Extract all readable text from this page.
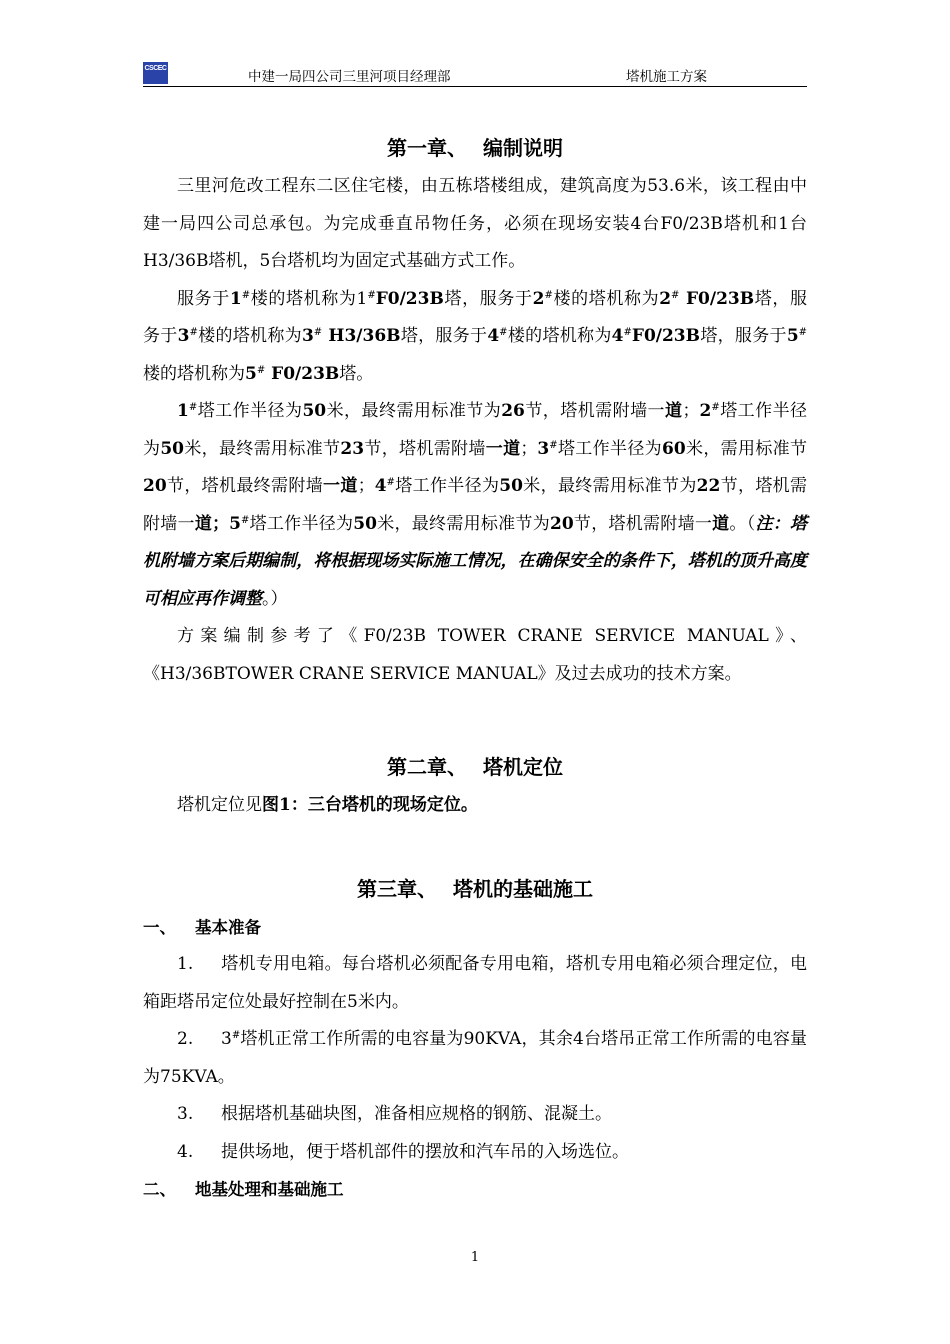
CSCEC
中建一局四公司三里河项目经理部	塔机施工方案
第一章、 编制说明

三里河危改工程东二区住宅楼，由五栋塔楼组成，建筑高度为53.6米，该工程由中建一局四公司总承包。为完成垂直吊物任务，必须在现场安装4台F0/23B塔机和1台H3/36B塔机，5台塔机均为固定式基础方式工作。

服务于1#楼的塔机称为1#F0/23B塔，服务于2#楼的塔机称为2# F0/23B塔，服务于3#楼的塔机称为3# H3/36B塔，服务于4#楼的塔机称为4#F0/23B塔，服务于5#楼的塔机称为5# F0/23B塔。

1#塔工作半径为50米，最终需用标准节为26节，塔机需附墙一道；2#塔工作半径为50米，最终需用标准节23节，塔机需附墙一道；3#塔工作半径为60米，需用标准节20节，塔机最终需附墙一道；4#塔工作半径为50米，最终需用标准节为22节，塔机需附墙一道；5#塔工作半径为50米，最终需用标准节为20节，塔机需附墙一道。（注：塔机附墙方案后期编制，将根据现场实际施工情况，在确保安全的条件下，塔机的顶升高度可相应再作调整。）

方案编制参考了《F0/23B TOWER CRANE SERVICE MANUAL》、《H3/36BTOWER CRANE SERVICE MANUAL》及过去成功的技术方案。

第二章、 塔机定位

塔机定位见图1：三台塔机的现场定位。

第三章、 塔机的基础施工
一、 基本准备

1. 塔机专用电箱。每台塔机必须配备专用电箱，塔机专用电箱必须合理定位，电箱距塔吊定位处最好控制在5米内。

2. 3#塔机正常工作所需的电容量为90KVA，其余4台塔吊正常工作所需的电容量为75KVA。

3. 根据塔机基础块图，准备相应规格的钢筋、混凝土。

4. 提供场地，便于塔机部件的摆放和汽车吊的入场选位。

二、 地基处理和基础施工
1
